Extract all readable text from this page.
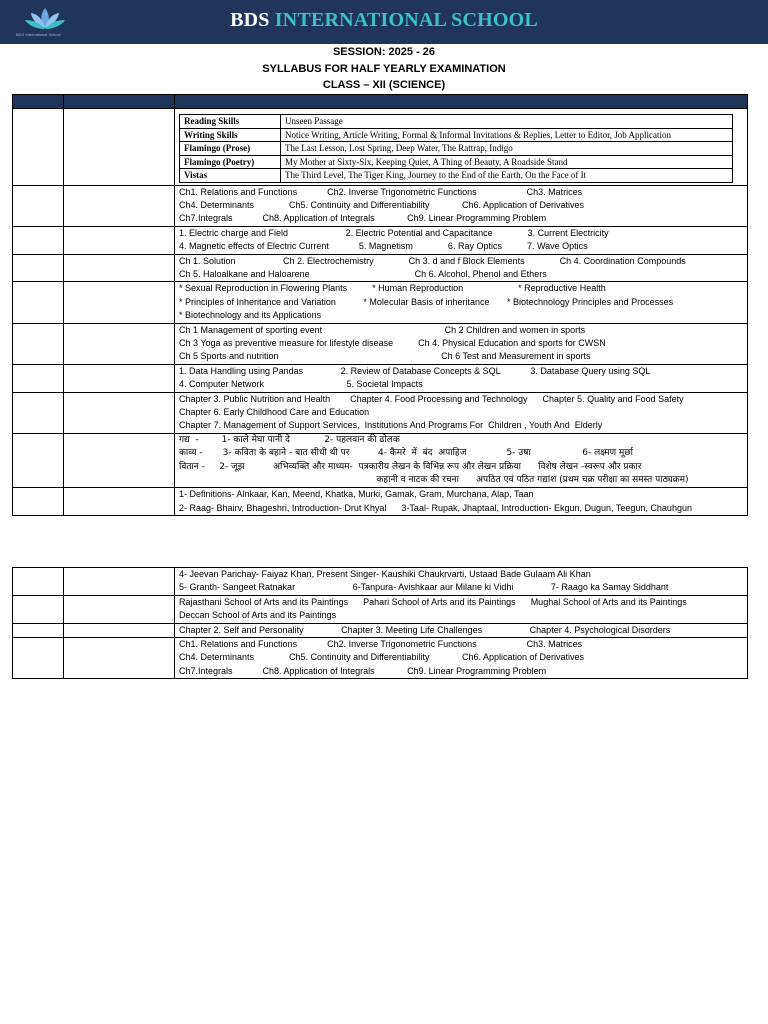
BDS International School
BDS INTERNATIONAL SCHOOL
SESSION: 2025 - 26
SYLLABUS FOR HALF YEARLY EXAMINATION
CLASS – XII (SCIENCE)

Reading Skills	Unseen Passage
Writing Skills	Notice Writing, Article Writing, Formal & Informal Invitations & Replies, Letter to Editor, Job Application
Flamingo (Prose)	The Last Lesson, Lost Spring, Deep Water, The Rattrap, Indigo
Flamingo (Poetry)	My Mother at Sixty-Six, Keeping Quiet, A Thing of Beauty, A Roadside Stand
Vistas	The Third Level, The Tiger King, Journey to the End of the Earth, On the Face of It

Ch1. Relations and Functions            Ch2. Inverse Trigonometric Functions                    Ch3. Matrices
Ch4. Determinants              Ch5. Continuity and Differentiability             Ch6. Application of Derivatives
Ch7.Integrals            Ch8. Application of Integrals             Ch9. Linear Programming Problem

1. Electric charge and Field                       2. Electric Potential and Capacitance              3. Current Electricity
4. Magnetic effects of Electric Current            5. Magnetism              6. Ray Optics          7. Wave Optics

Ch 1. Solution                   Ch 2. Electrochemistry              Ch 3. d and f Block Elements              Ch 4. Coordination Compounds
Ch 5. Haloalkane and Haloarene                                          Ch 6. Alcohol, Phenol and Ethers

* Sexual Reproduction in Flowering Plants          * Human Reproduction                      * Reproductive Health
* Principles of Inheritance and Variation           * Molecular Basis of inheritance       * Biotechnology Principles and Processes
* Biotechnology and its Applications

Ch 1 Management of sporting event                                                 Ch 2 Children and women in sports
Ch 3 Yoga as preventive measure for lifestyle disease          Ch 4. Physical Education and sports for CWSN
Ch 5 Sports and nutrition                                                                 Ch 6 Test and Measurement in sports

1. Data Handling using Pandas               2. Review of Database Concepts & SQL            3. Database Query using SQL
4. Computer Network                                 5. Societal Impacts

Chapter 3. Public Nutrition and Health        Chapter 4. Food Processing and Technology      Chapter 5. Quality and Food Safety
Chapter 6. Early Childhood Care and Education
Chapter 7. Management of Support Services,  Institutions And Programs For  Children , Youth And  Elderly

गद्य  -        1- काले मेघा पानी दे            2- पहलवान की ढोलक
काव्य -       3- कविता के बहाने - बात सीधी थी पर          4- कैमरे  में  बंद  अपाहिज              5- उषा                  6- लक्ष्मण मूर्छा
वितान -     2- जूझ          अभिव्यक्ति और माध्यम-  पत्रकारीय लेखन के विभिन्न रूप और लेखन प्रक्रिया      विशेष लेखन -स्वरूप और प्रकार
कहानी व नाटक की रचना      अपठित एवं पठित गद्यांश (प्रथम चक्र परीक्षा का समस्त पाठ्यक्रम)

1- Definitions- Alnkaar, Kan, Meend, Khatka, Murki, Gamak, Gram, Murchana, Alap, Taan
2- Raag- Bhairv, Bhageshri, Introduction- Drut Khyal      3-Taal- Rupak, Jhaptaal, Introduction- Ekgun, Dugun, Teegun, Chauhgun

		4- Jeevan Parichay- Faiyaz Khan, Present Singer- Kaushiki Chaukrvarti, Ustaad Bade Gulaam Ali Khan
5- Granth- Sangeet Ratnakar                       6-Tanpura- Avishkaar aur Milane ki Vidhi               7- Raago ka Samay Siddhant

		Rajasthani School of Arts and its Paintings      Pahari School of Arts and its Paintings      Mughal School of Arts and its Paintings
Deccan School of Arts and its Paintings

		Chapter 2. Self and Personality               Chapter 3. Meeting Life Challenges                   Chapter 4. Psychological Disorders

		Ch1. Relations and Functions            Ch2. Inverse Trigonometric Functions                    Ch3. Matrices
Ch4. Determinants              Ch5. Continuity and Differentiability             Ch6. Application of Derivatives
Ch7.Integrals            Ch8. Application of Integrals             Ch9. Linear Programming Problem
